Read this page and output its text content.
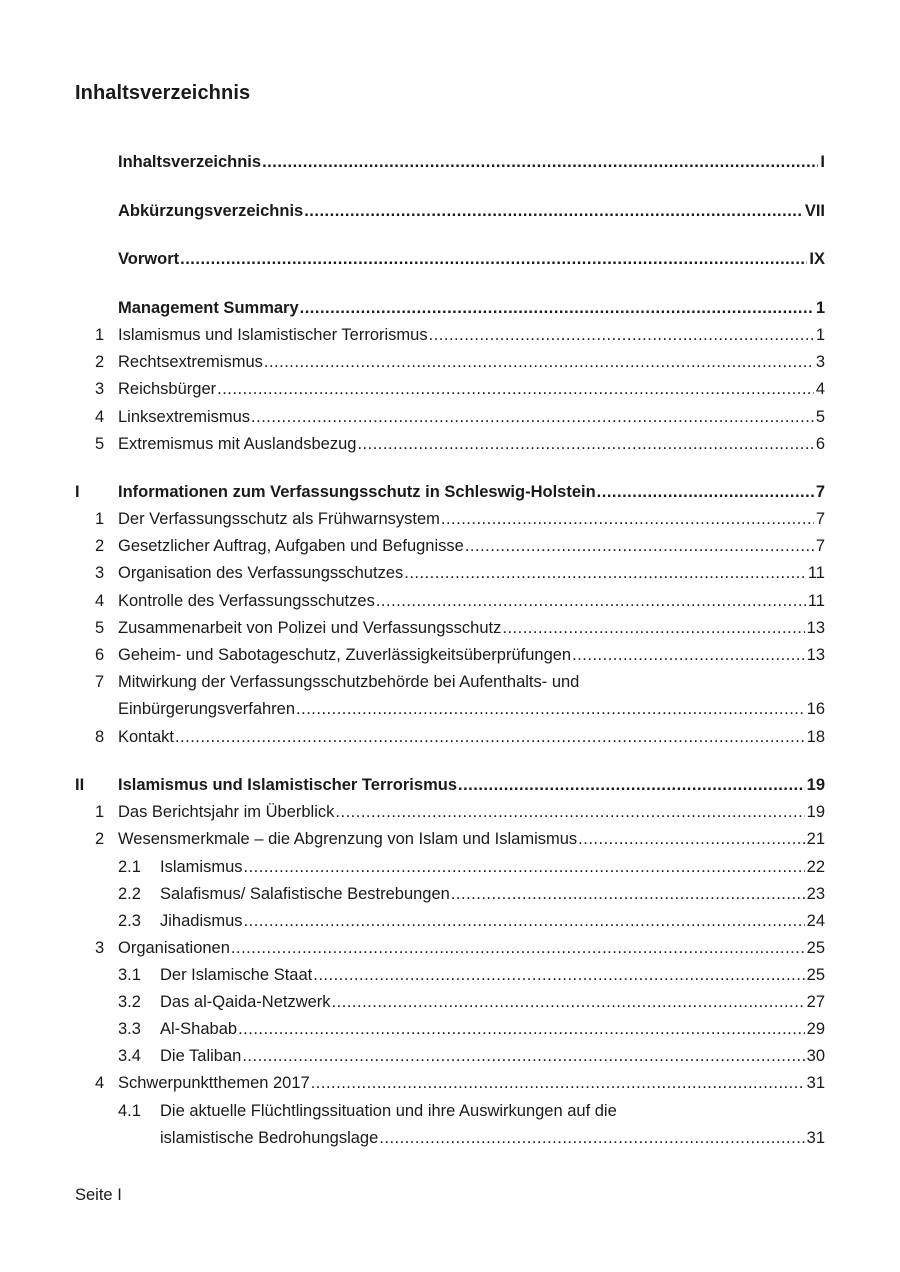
Inhaltsverzeichnis
Inhaltsverzeichnis .....	I
Abkürzungsverzeichnis .....	VII
Vorwort .....	IX
Management Summary .....	1
1 Islamismus und Islamistischer Terrorismus .....	1
2 Rechtsextremismus .....	3
3 Reichsbürger .....	4
4 Linksextremismus .....	5
5 Extremismus mit Auslandsbezug .....	6
I Informationen zum Verfassungsschutz in Schleswig-Holstein .....	7
1 Der Verfassungsschutz als Frühwarnsystem .....	7
2 Gesetzlicher Auftrag, Aufgaben und Befugnisse .....	7
3 Organisation des Verfassungsschutzes .....	11
4 Kontrolle des Verfassungsschutzes .....	11
5 Zusammenarbeit von Polizei und Verfassungsschutz .....	13
6 Geheim- und Sabotageschutz, Zuverlässigkeitsüberprüfungen .....	13
7 Mitwirkung der Verfassungsschutzbehörde bei Aufenthalts- und
Einbürgerungsverfahren .....	16
8 Kontakt .....	18
II Islamismus und Islamistischer Terrorismus .....	19
1 Das Berichtsjahr im Überblick .....	19
2 Wesensmerkmale – die Abgrenzung von Islam und Islamismus .....	21
2.1 Islamismus .....	22
2.2 Salafismus/ Salafistische Bestrebungen .....	23
2.3 Jihadismus .....	24
3 Organisationen .....	25
3.1 Der Islamische Staat .....	25
3.2 Das al-Qaida-Netzwerk .....	27
3.3 Al-Shabab .....	29
3.4 Die Taliban .....	30
4 Schwerpunktthemen 2017 .....	31
4.1 Die aktuelle Flüchtlingssituation und ihre Auswirkungen auf die
islamistische Bedrohungslage .....	31
Seite I
